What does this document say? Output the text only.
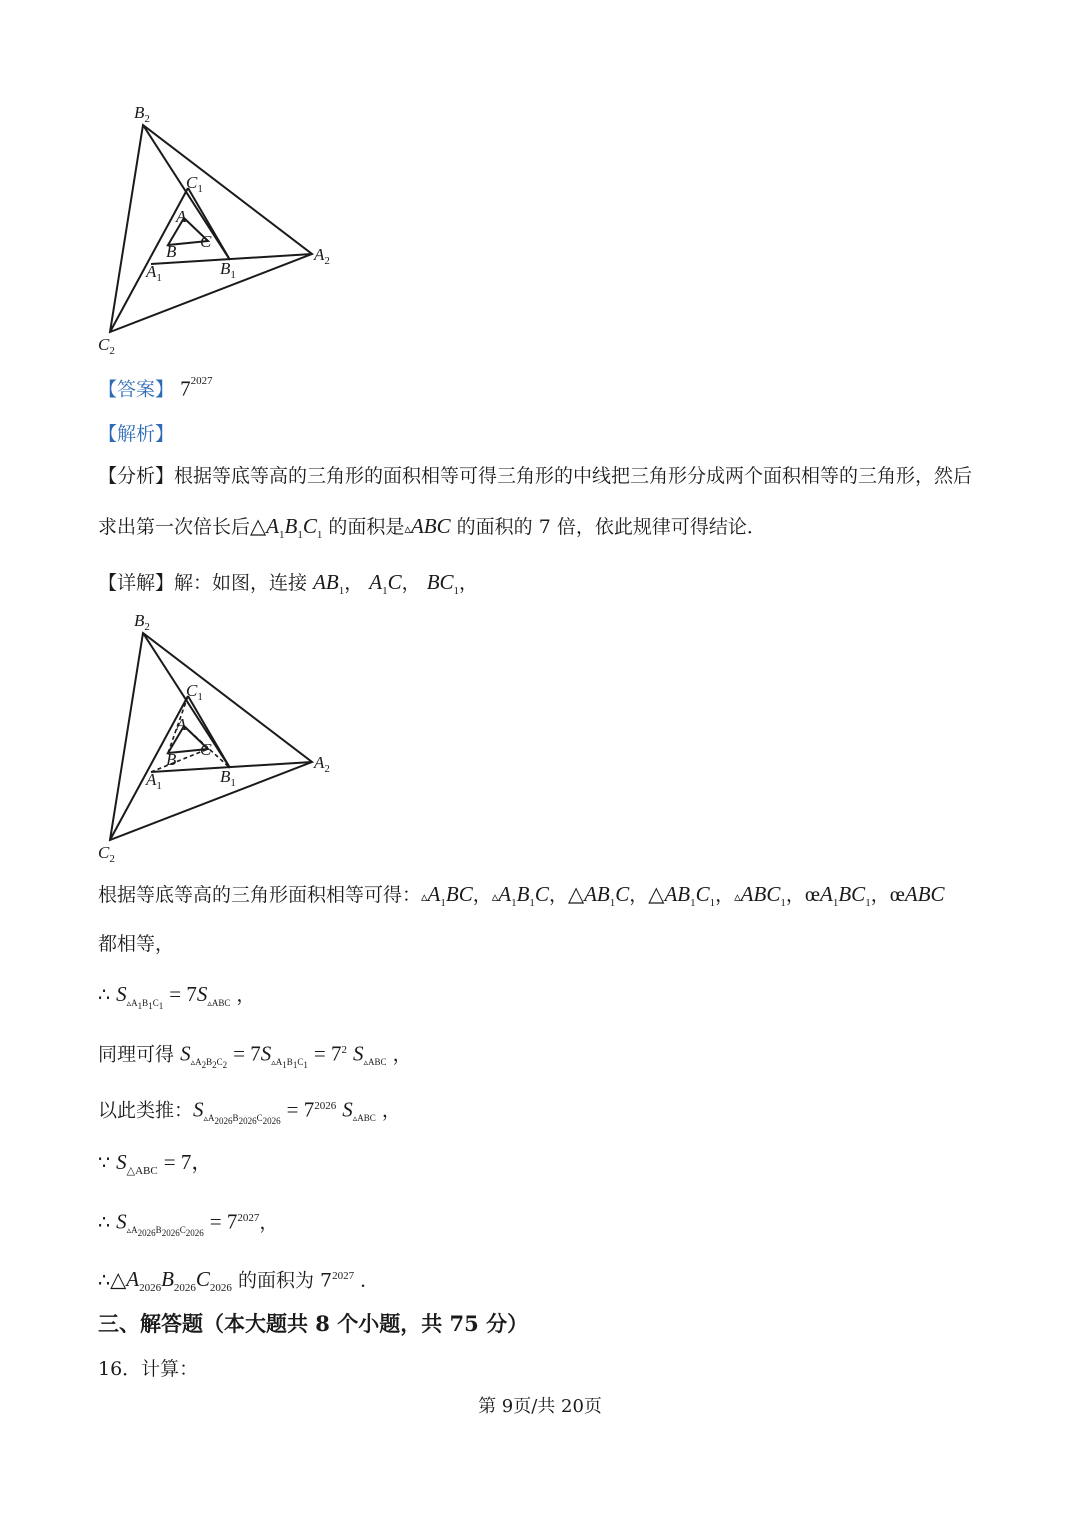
$B_2$
$C_1$
A
B
C
$A_1$	$B_1$
$A_2$
$C_2$
【答案】 $7^{2027}$
【解析】
【分析】根据等底等高的三角形的面积相等可得三角形的中线把三角形分成两个面积相等的三角形，然后
求出第一次倍长后$\triangle A_1B_1C_1$ 的面积是▵ABC 的面积的 7 倍，依此规律可得结论．
【详解】解：如图，连接 $AB_1$， $A_1C$， $BC_1$，
$B_2$
$C_1$
A
B
C
$A_1$	$B_1$
$A_2$
$C_2$
根据等底等高的三角形面积相等可得：$▵A_1BC$，$▵A_1B_1C$，$\triangle AB_1C$，$\triangle AB_1C_1$，$▵ABC_1$，$œA_1BC_1$，œABC
都相等，
∴ $S_{▵A_1B_1C_1} = 7S_{▵ABC}$ ，
同理可得 $S_{▵A_2B_2C_2} = 7S_{▵A_1B_1C_1} = 7^2$ $S_{▵ABC}$ ，
以此类推：$S_{▵A_{2026}B_{2026}C_{2026}} = 7^{2026}$ $S_{▵ABC}$ ，
∵ $S_{\triangle ABC} = 7$，
∴ $S_{▵A_{2026}B_{2026}C_{2026}} = 7^{2027}$，
$\therefore\triangle A_{2026}B_{2026}C_{2026}$ 的面积为 $7^{2027}$ ．
三、解答题（本大题共 8 个小题，共 75 分）
16．计算：
第 9页/共 20页
